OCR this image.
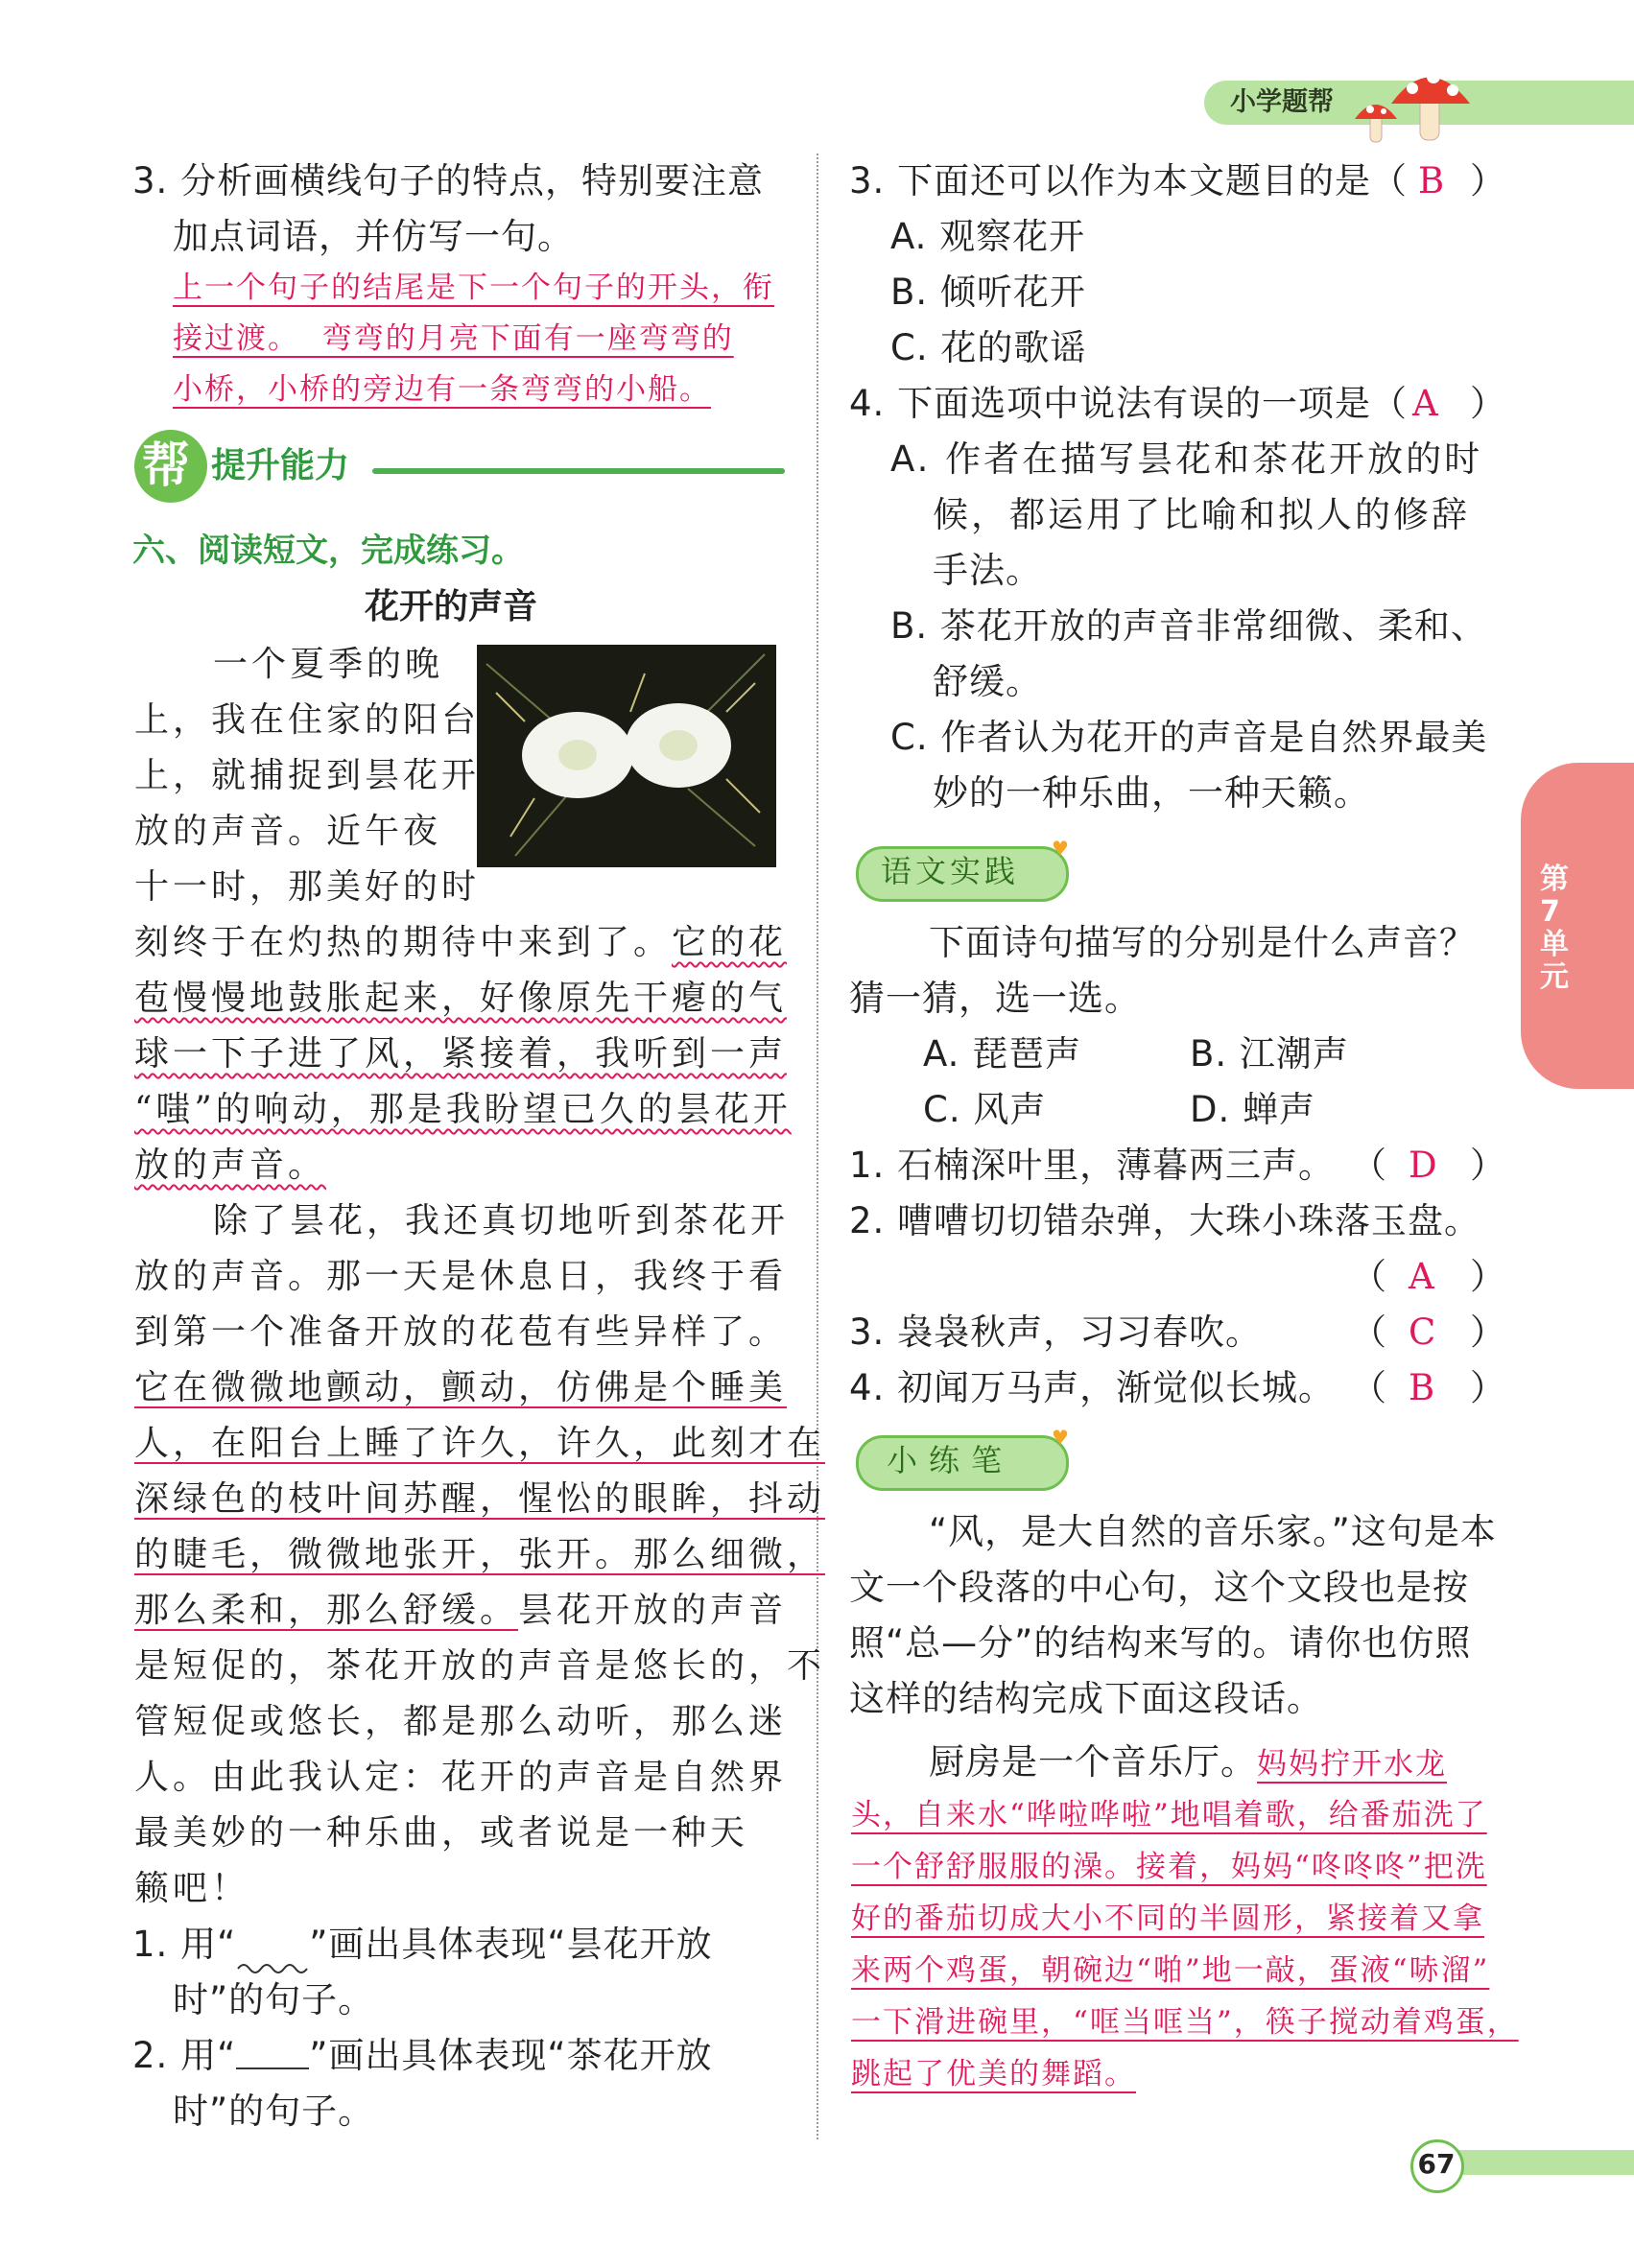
小学题帮
第7单元
3. 分析画横线句子的特点，特别要注意
加点词语，并仿写一句。
上一个句子的结尾是下一个句子的开头，衔
接过渡。  弯弯的月亮下面有一座弯弯的
小桥，小桥的旁边有一条弯弯的小船。
帮 提升能力
六、阅读短文，完成练习。
花开的声音
一个夏季的晚
上，我在住家的阳台
上，就捕捉到昙花开
放的声音。近午夜
十一时，那美好的时
刻终于在灼热的期待中来到了。它的花
苞慢慢地鼓胀起来，好像原先干瘪的气
球一下子进了风，紧接着，我听到一声
“嗤”的响动，那是我盼望已久的昙花开
放的声音。
除了昙花，我还真切地听到茶花开
放的声音。那一天是休息日，我终于看
到第一个准备开放的花苞有些异样了。
它在微微地颤动，颤动，仿佛是个睡美
人，在阳台上睡了许久，许久，此刻才在
深绿色的枝叶间苏醒，惺忪的眼眸，抖动
的睫毛，微微地张开，张开。那么细微，
那么柔和，那么舒缓。昙花开放的声音
是短促的，茶花开放的声音是悠长的，不
管短促或悠长，都是那么动听，那么迷
人。由此我认定：花开的声音是自然界
最美妙的一种乐曲，或者说是一种天
籁吧！
1. 用“ ”画出具体表现“昙花开放
时”的句子。
2. 用“ ”画出具体表现“茶花开放
时”的句子。
3. 下面还可以作为本文题目的是（ B ）
A. 观察花开
B. 倾听花开
C. 花的歌谣
4. 下面选项中说法有误的一项是（ A ）
A. 作者在描写昙花和茶花开放的时
候，都运用了比喻和拟人的修辞
手法。
B. 茶花开放的声音非常细微、柔和、
舒缓。
C. 作者认为花开的声音是自然界最美
妙的一种乐曲，一种天籁。
语文实践
♥
下面诗句描写的分别是什么声音？
猜一猜，选一选。
A. 琵琶声	B. 江潮声
C. 风声	D. 蝉声
1. 石楠深叶里，薄暮两三声。 （ D ）
2. 嘈嘈切切错杂弹，大珠小珠落玉盘。
（ A ）
3. 袅袅秋声，习习春吹。	（ C ）
4. 初闻万马声，渐觉似长城。 （ B ）
小练笔
♥
“风，是大自然的音乐家。”这句是本
文一个段落的中心句，这个文段也是按
照“总—分”的结构来写的。请你也仿照
这样的结构完成下面这段话。
厨房是一个音乐厅。妈妈拧开水龙
头，自来水“哗啦哗啦”地唱着歌，给番茄洗了
一个舒舒服服的澡。接着，妈妈“咚咚咚”把洗
好的番茄切成大小不同的半圆形，紧接着又拿
来两个鸡蛋，朝碗边“啪”地一敲，蛋液“哧溜”
一下滑进碗里，“哐当哐当”，筷子搅动着鸡蛋，
跳起了优美的舞蹈。
67
